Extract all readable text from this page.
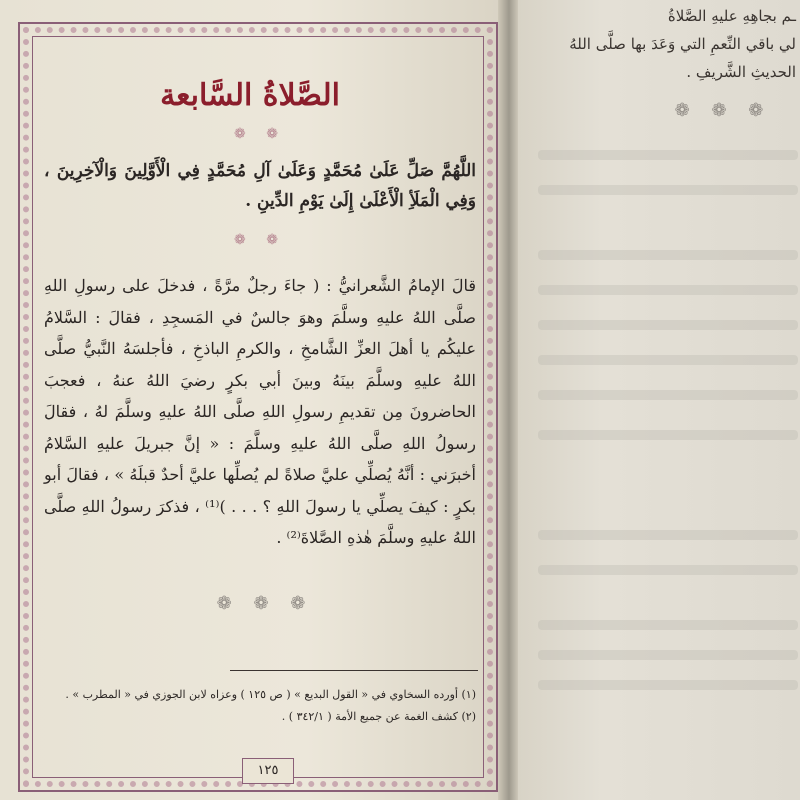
الصَّلاةُ السَّابعة
❁ ❁
اللَّهُمَّ صَلِّ عَلَىٰ مُحَمَّدٍ وَعَلَىٰ آلِ مُحَمَّدٍ فِي الْأَوَّلِينَ وَالْآخِرِينَ ، وَفِي الْمَلَأِ الْأَعْلَىٰ إِلَىٰ يَوْمِ الدِّينِ .
❁ ❁
قالَ الإمامُ الشَّعرانيُّ : ( جاءَ رجلٌ مرَّةً ، فدخلَ على رسولِ اللهِ صلَّى اللهُ عليهِ وسلَّمَ وهوَ جالسٌ في المَسجِدِ ، فقالَ : السَّلامُ عليكُم يا أهلَ العزِّ الشَّامخِ ، والكرمِ الباذخِ ، فأجلسَهُ النَّبيُّ صلَّى اللهُ عليهِ وسلَّمَ بينَهُ وبينَ أبي بكرٍ رضيَ اللهُ عنهُ ، فعجبَ الحاضرونَ مِن تقديمِ رسولِ اللهِ صلَّى اللهُ عليهِ وسلَّمَ لهُ ، فقالَ رسولُ اللهِ صلَّى اللهُ عليهِ وسلَّمَ : « إنَّ جبريلَ عليهِ السَّلامُ أخبرَني : أنَّهُ يُصلِّي عليَّ صلاةً لم يُصلِّها عليَّ أحدٌ قبلَهُ » ، فقالَ أبو بكرٍ : كيفَ يصلِّي يا رسولَ اللهِ ؟ . . . )⁽¹⁾ ، فذكرَ رسولُ اللهِ صلَّى اللهُ عليهِ وسلَّمَ هٰذهِ الصَّلاةَ⁽²⁾ .
❁ ❁ ❁
(١) أورده السخاوي في « القول البديع » ( ص ١٢٥ ) وعزاه لابن الجوزي في « المطرب » .
(٢) كشف الغمة عن جميع الأمة ( ٣٤٢/١ ) .
١٢٥
ـم بجاهِهِ عليهِ الصَّلاةُ
لي باقي النِّعمِ التي وَعَدَ بها صلَّى اللهُ
الحديثِ الشَّريفِ .
❁ ❁ ❁
